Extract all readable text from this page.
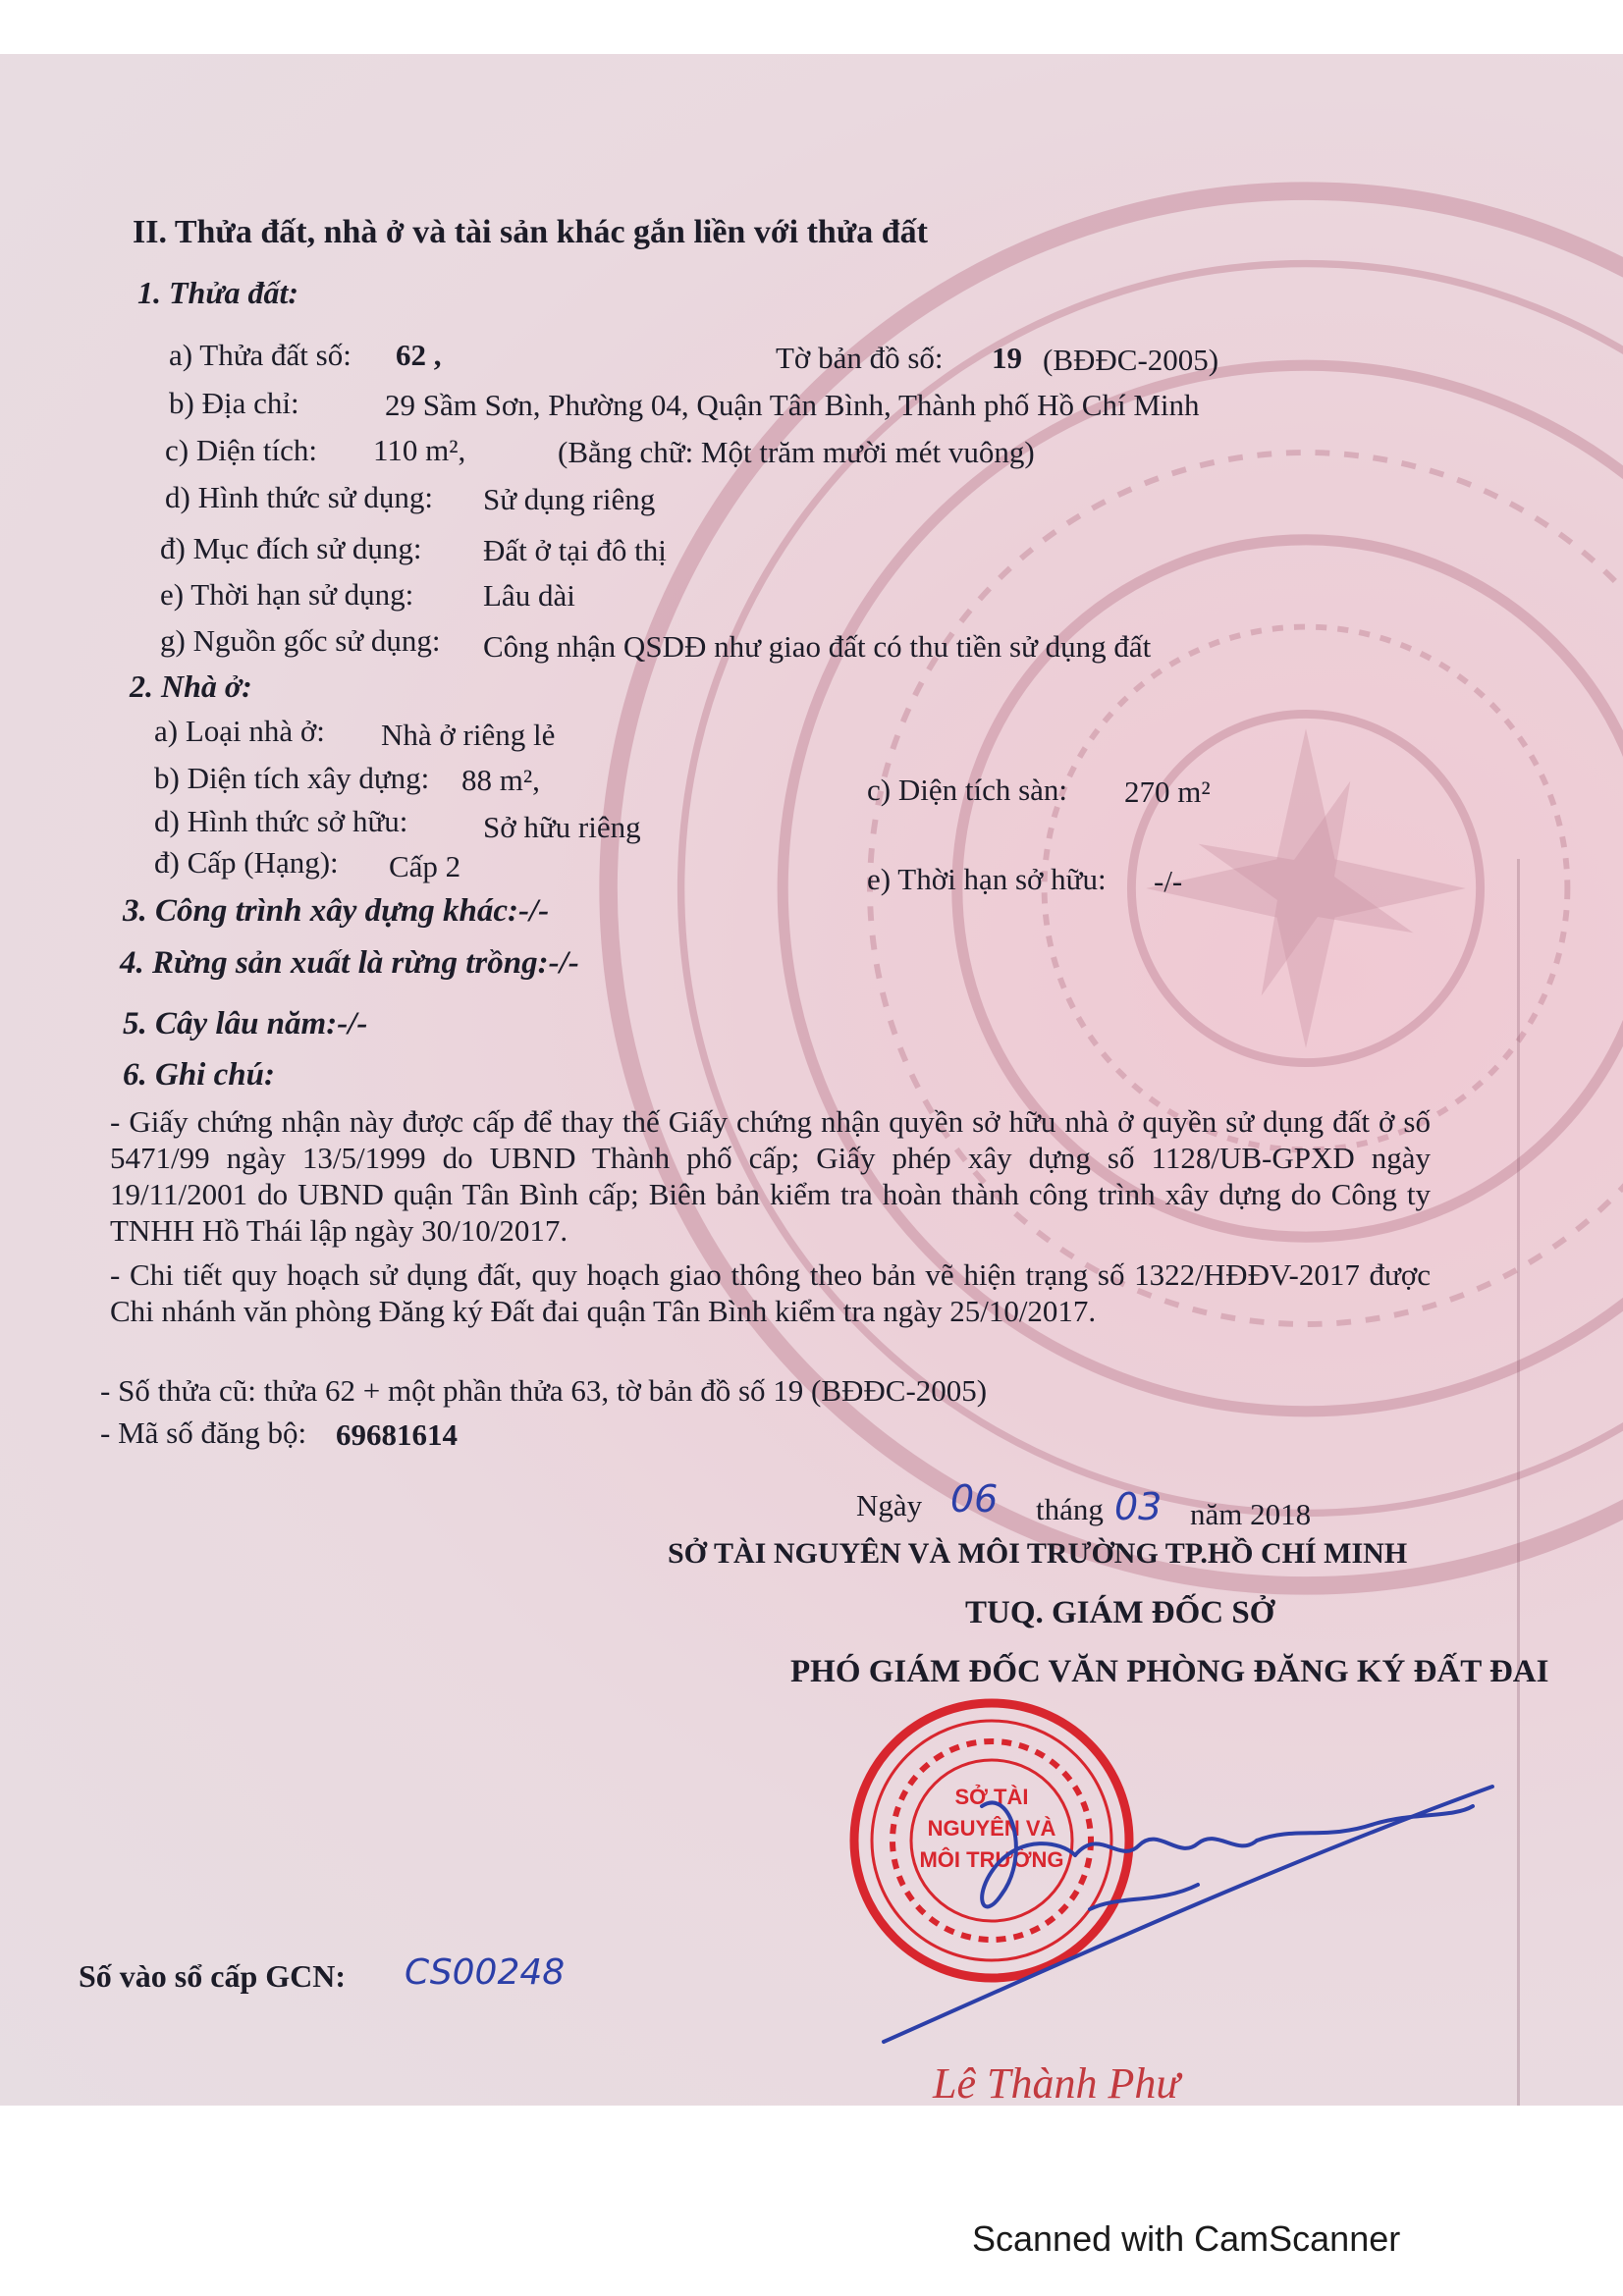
II. Thửa đất, nhà ở và tài sản khác gắn liền với thửa đất
1. Thửa đất:
a) Thửa đất số: 62 ,	Tờ bản đồ số: 19 (BĐĐC-2005)
b) Địa chỉ:	29 Sầm Sơn, Phường 04, Quận Tân Bình, Thành phố Hồ Chí Minh
c) Diện tích: 110 m²,	(Bằng chữ: Một trăm mười mét vuông)
d) Hình thức sử dụng: Sử dụng riêng
đ) Mục đích sử dụng: Đất ở tại đô thị
e) Thời hạn sử dụng: Lâu dài
g) Nguồn gốc sử dụng: Công nhận QSDĐ như giao đất có thu tiền sử dụng đất
2. Nhà ở:
a) Loại nhà ở: Nhà ở riêng lẻ
b) Diện tích xây dựng: 88 m²,	c) Diện tích sàn: 270 m²
d) Hình thức sở hữu: Sở hữu riêng
đ) Cấp (Hạng): Cấp 2	e) Thời hạn sở hữu: -/-
3. Công trình xây dựng khác:-/-
4. Rừng sản xuất là rừng trồng:-/-
5. Cây lâu năm:-/-
6. Ghi chú:
- Giấy chứng nhận này được cấp để thay thế Giấy chứng nhận quyền sở hữu nhà ở quyền sử dụng đất ở số 5471/99 ngày 13/5/1999 do UBND Thành phố cấp; Giấy phép xây dựng số 1128/UB-GPXD ngày 19/11/2001 do UBND quận Tân Bình cấp; Biên bản kiểm tra hoàn thành công trình xây dựng do Công ty TNHH Hồ Thái lập ngày 30/10/2017.
- Chi tiết quy hoạch sử dụng đất, quy hoạch giao thông theo bản vẽ hiện trạng số 1322/HĐĐV-2017 được Chi nhánh văn phòng Đăng ký Đất đai quận Tân Bình kiểm tra ngày 25/10/2017.
- Số thửa cũ: thửa 62 + một phần thửa 63, tờ bản đồ số 19 (BĐĐC-2005)
- Mã số đăng bộ: 69681614
Ngày 06 tháng 03 năm 2018
SỞ TÀI NGUYÊN VÀ MÔI TRƯỜNG TP.HỒ CHÍ MINH
TUQ. GIÁM ĐỐC SỞ
PHÓ GIÁM ĐỐC VĂN PHÒNG ĐĂNG KÝ ĐẤT ĐAI
Số vào sổ cấp GCN: CS00248
Lê Thành Phư
SỞ TÀI NGUYÊN VÀ MÔI TRƯỜNG
Scanned with CamScanner
